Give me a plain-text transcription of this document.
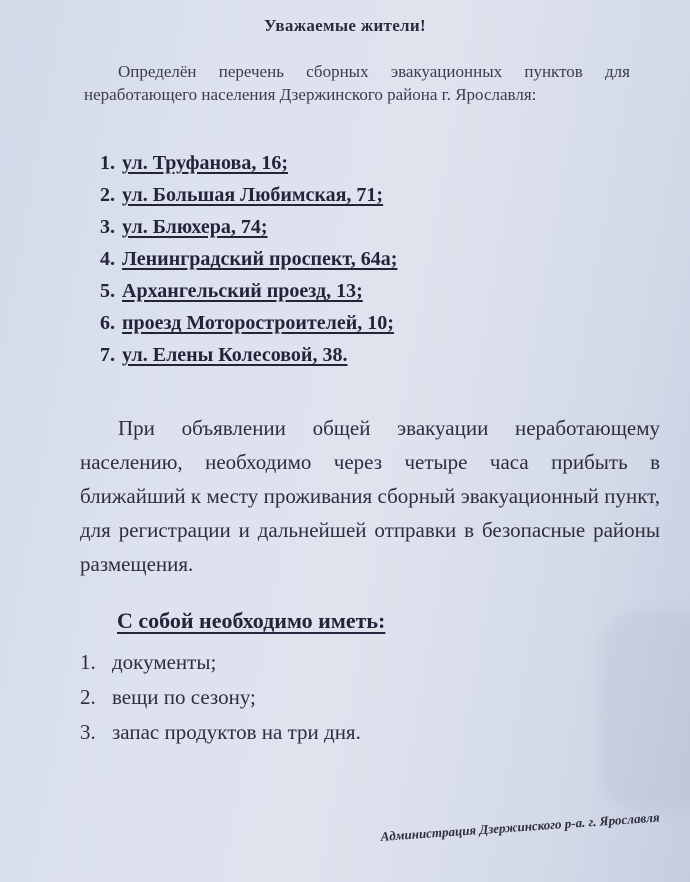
Уважаемые жители!

Определён перечень сборных эвакуационных пунктов для неработающего населения Дзержинского района г. Ярославля:

1. ул. Труфанова, 16;
2. ул. Большая Любимская, 71;
3. ул. Блюхера, 74;
4. Ленинградский проспект, 64а;
5. Архангельский проезд, 13;
6. проезд Моторостроителей, 10;
7. ул. Елены Колесовой, 38.

При объявлении общей эвакуации неработающему населению, необходимо через четыре часа прибыть в ближайший к месту проживания сборный эвакуационный пункт, для регистрации и дальнейшей отправки в безопасные районы размещения.

С собой необходимо иметь:
1. документы;
2. вещи по сезону;
3. запас продуктов на три дня.
Администрация Дзержинского р-а. г. Ярославля
